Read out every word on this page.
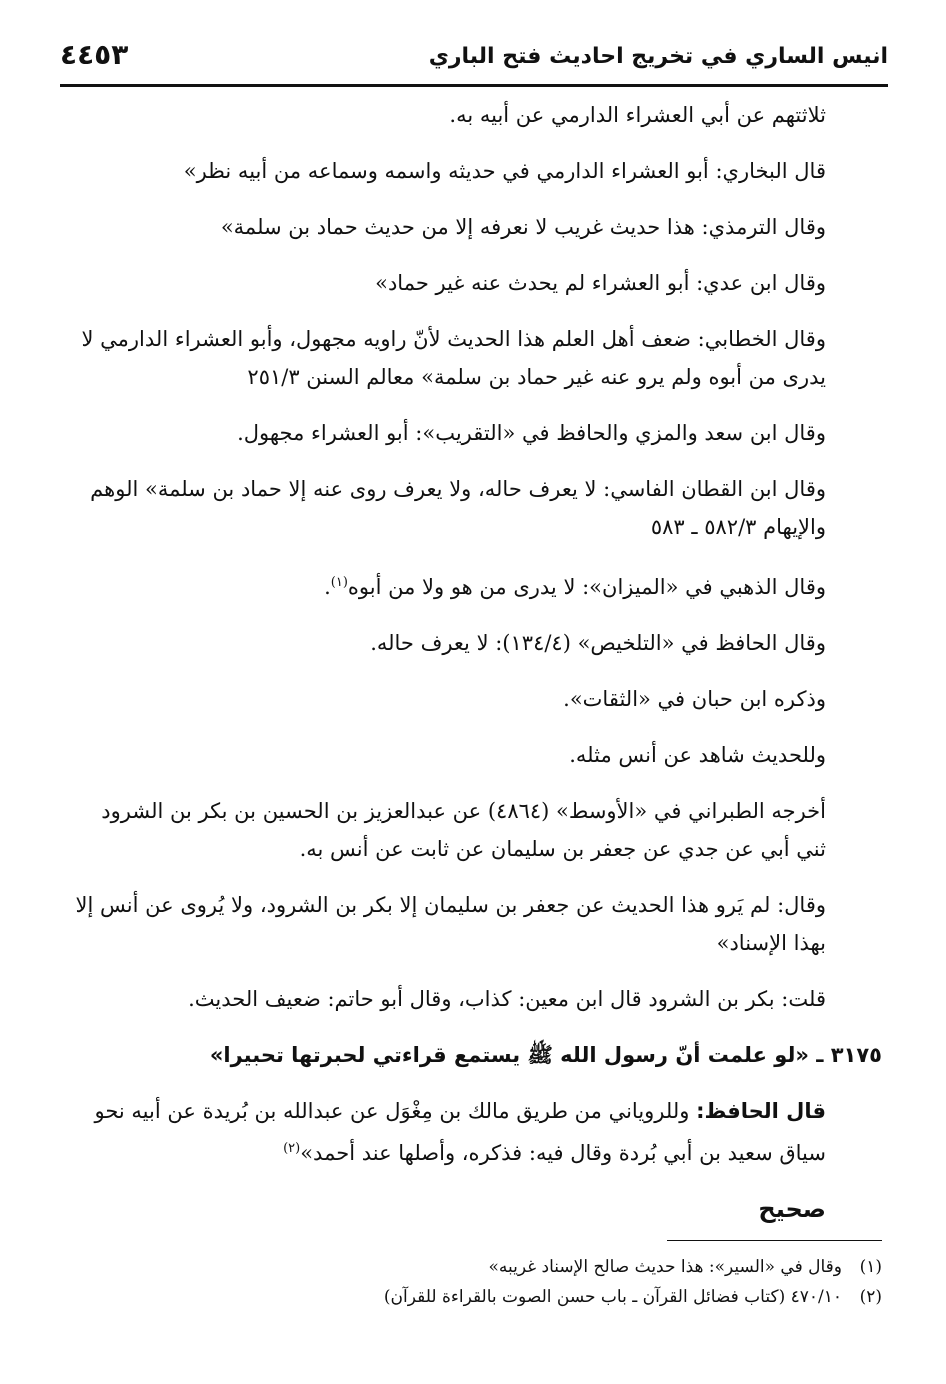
انيس الساري في تخريج احاديث فتح الباري
٤٤٥٣

ثلاثتهم عن أبي العشراء الدارمي عن أبيه به.

قال البخاري: أبو العشراء الدارمي في حديثه واسمه وسماعه من أبيه نظر»

وقال الترمذي: هذا حديث غريب لا نعرفه إلا من حديث حماد بن سلمة»

وقال ابن عدي: أبو العشراء لم يحدث عنه غير حماد»

وقال الخطابي: ضعف أهل العلم هذا الحديث لأنّ راويه مجهول، وأبو العشراء الدارمي لا يدرى من أبوه ولم يرو عنه غير حماد بن سلمة» معالم السنن ٢٥١/٣

وقال ابن سعد والمزي والحافظ في «التقريب»: أبو العشراء مجهول.

وقال ابن القطان الفاسي: لا يعرف حاله، ولا يعرف روى عنه إلا حماد بن سلمة» الوهم والإيهام ٥٨٢/٣ ـ ٥٨٣

وقال الذهبي في «الميزان»: لا يدرى من هو ولا من أبوه$^{(١)}$.

وقال الحافظ في «التلخيص» (١٣٤/٤): لا يعرف حاله.

وذكره ابن حبان في «الثقات».

وللحديث شاهد عن أنس مثله.

أخرجه الطبراني في «الأوسط» (٤٨٦٤) عن عبدالعزيز بن الحسين بن بكر بن الشرود ثني أبي عن جدي عن جعفر بن سليمان عن ثابت عن أنس به.

وقال: لم يَرو هذا الحديث عن جعفر بن سليمان إلا بكر بن الشرود، ولا يُروى عن أنس إلا بهذا الإسناد»

قلت: بكر بن الشرود قال ابن معين: كذاب، وقال أبو حاتم: ضعيف الحديث.

٣١٧٥ ـ «لو علمت أنّ رسول الله ﷺ يستمع قراءتي لحبرتها تحبيرا»

قال الحافظ: وللروياني من طريق مالك بن مِغْوَل عن عبدالله بن بُريدة عن أبيه نحو سياق سعيد بن أبي بُردة وقال فيه: فذكره، وأصلها عند أحمد»$^{(٢)}$

صحيح
(١)وقال في «السير»: هذا حديث صالح الإسناد غريبه»
(٢)٤٧٠/١٠ (كتاب فضائل القرآن ـ باب حسن الصوت بالقراءة للقرآن)
